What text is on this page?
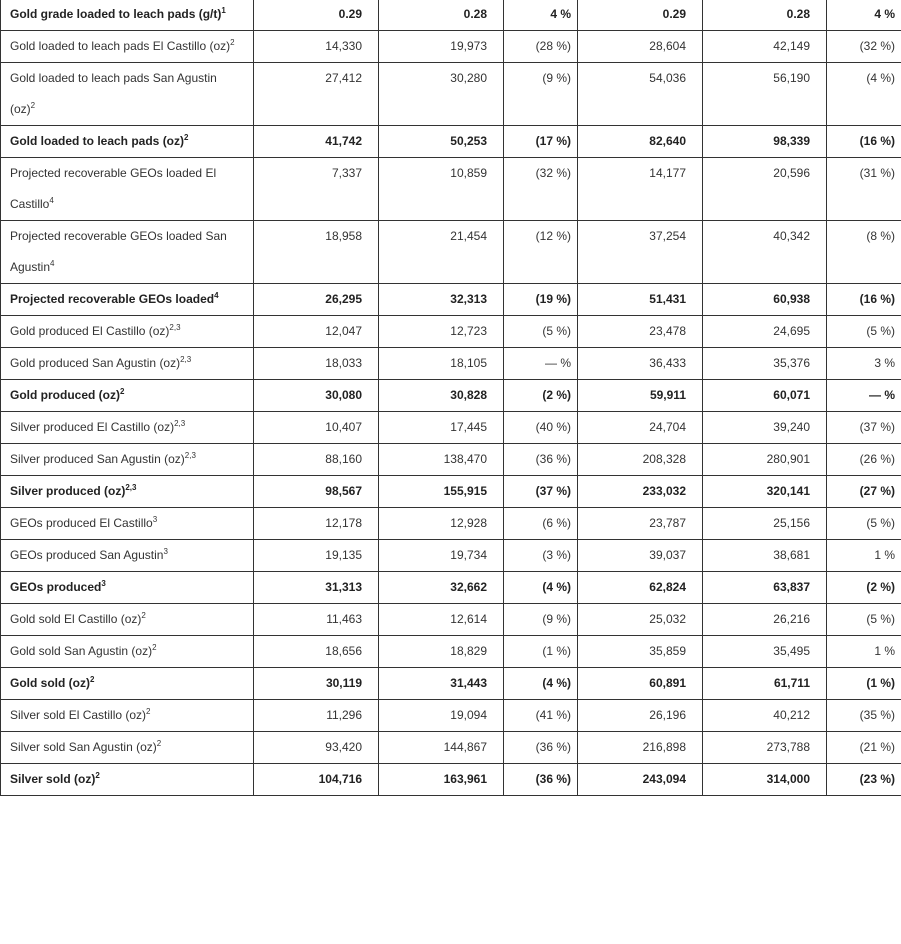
Gold grade loaded to leach pads $(g/t)^1$	0.29	0.28	4 %	0.29	0.28	4 %
Gold loaded to leach pads El Castillo (oz)$^2$	14,330	19,973	(28 %)	28,604	42,149	(32 %)
Gold loaded to leach pads San Agustin (oz)$^2$	27,412	30,280	(9 %)	54,036	56,190	(4 %)
Gold loaded to leach pads (oz)$^2$	41,742	50,253	(17 %)	82,640	98,339	(16 %)
Projected recoverable GEOs loaded El Castillo$^4$	7,337	10,859	(32 %)	14,177	20,596	(31 %)
Projected recoverable GEOs loaded San Agustin$^4$	18,958	21,454	(12 %)	37,254	40,342	(8 %)
Projected recoverable GEOs loaded$^4$	26,295	32,313	(19 %)	51,431	60,938	(16 %)
Gold produced El Castillo (oz)$^{2,3}$	12,047	12,723	(5 %)	23,478	24,695	(5 %)
Gold produced San Agustin (oz)$^{2,3}$	18,033	18,105	— %	36,433	35,376	3 %
Gold produced (oz)$^2$	30,080	30,828	(2 %)	59,911	60,071	— %
Silver produced El Castillo (oz)$^{2,3}$	10,407	17,445	(40 %)	24,704	39,240	(37 %)
Silver produced San Agustin (oz)$^{2,3}$	88,160	138,470	(36 %)	208,328	280,901	(26 %)
Silver produced (oz)$^{2,3}$	98,567	155,915	(37 %)	233,032	320,141	(27 %)
GEOs produced El Castillo$^3$	12,178	12,928	(6 %)	23,787	25,156	(5 %)
GEOs produced San Agustin$^3$	19,135	19,734	(3 %)	39,037	38,681	1 %
GEOs produced$^3$	31,313	32,662	(4 %)	62,824	63,837	(2 %)
Gold sold El Castillo (oz)$^2$	11,463	12,614	(9 %)	25,032	26,216	(5 %)
Gold sold San Agustin (oz)$^2$	18,656	18,829	(1 %)	35,859	35,495	1 %
Gold sold (oz)$^2$	30,119	31,443	(4 %)	60,891	61,711	(1 %)
Silver sold El Castillo (oz)$^2$	11,296	19,094	(41 %)	26,196	40,212	(35 %)
Silver sold San Agustin (oz)$^2$	93,420	144,867	(36 %)	216,898	273,788	(21 %)
Silver sold (oz)$^2$	104,716	163,961	(36 %)	243,094	314,000	(23 %)
